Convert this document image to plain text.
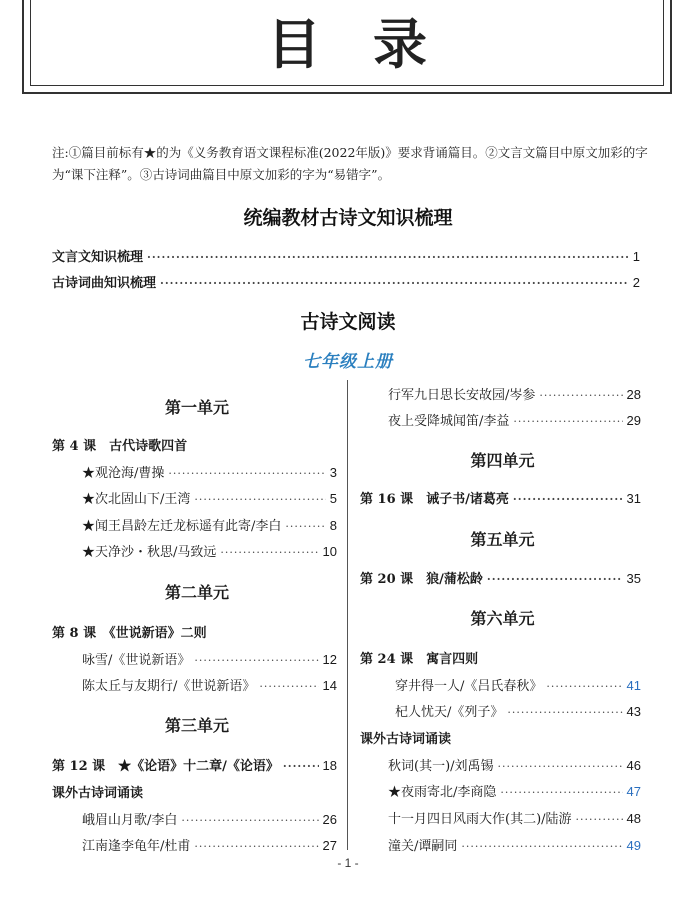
目录
注:①篇目前标有★的为《义务教育语文课程标准(2022年版)》要求背诵篇目。②文言文篇目中原文加彩的字为“课下注释”。③古诗词曲篇目中原文加彩的字为“易错字”。
统编教材古诗文知识梳理
文言文知识梳理 ·····	1
古诗词曲知识梳理 ·····	2
古诗文阅读
七年级上册
第一单元
第 4 课　古代诗歌四首
★观沧海/曹操 ·····	3
★次北固山下/王湾 ·····	5
★闻王昌龄左迁龙标遥有此寄/李白 ·····	8
★天净沙・秋思/马致远 ·····	10
第二单元
第 8 课　《世说新语》二则
咏雪/《世说新语》 ·····	12
陈太丘与友期行/《世说新语》 ·····	14
第三单元
第 12 课　★《论语》十二章/《论语》 ·····	18
课外古诗词诵读
峨眉山月歌/李白 ·····	26
江南逢李龟年/杜甫 ·····	27
行军九日思长安故园/岑参 ·····	28
夜上受降城闻笛/李益 ·····	29
第四单元
第 16 课　诫子书/诸葛亮 ·····	31
第五单元
第 20 课　狼/蒲松龄 ·····	35
第六单元
第 24 课　寓言四则
穿井得一人/《吕氏春秋》 ·····	41
杞人忧天/《列子》 ·····	43
课外古诗词诵读
秋词(其一)/刘禹锡 ·····	46
★夜雨寄北/李商隐 ·····	47
十一月四日风雨大作(其二)/陆游 ·····	48
潼关/谭嗣同 ·····	49
- 1 -
